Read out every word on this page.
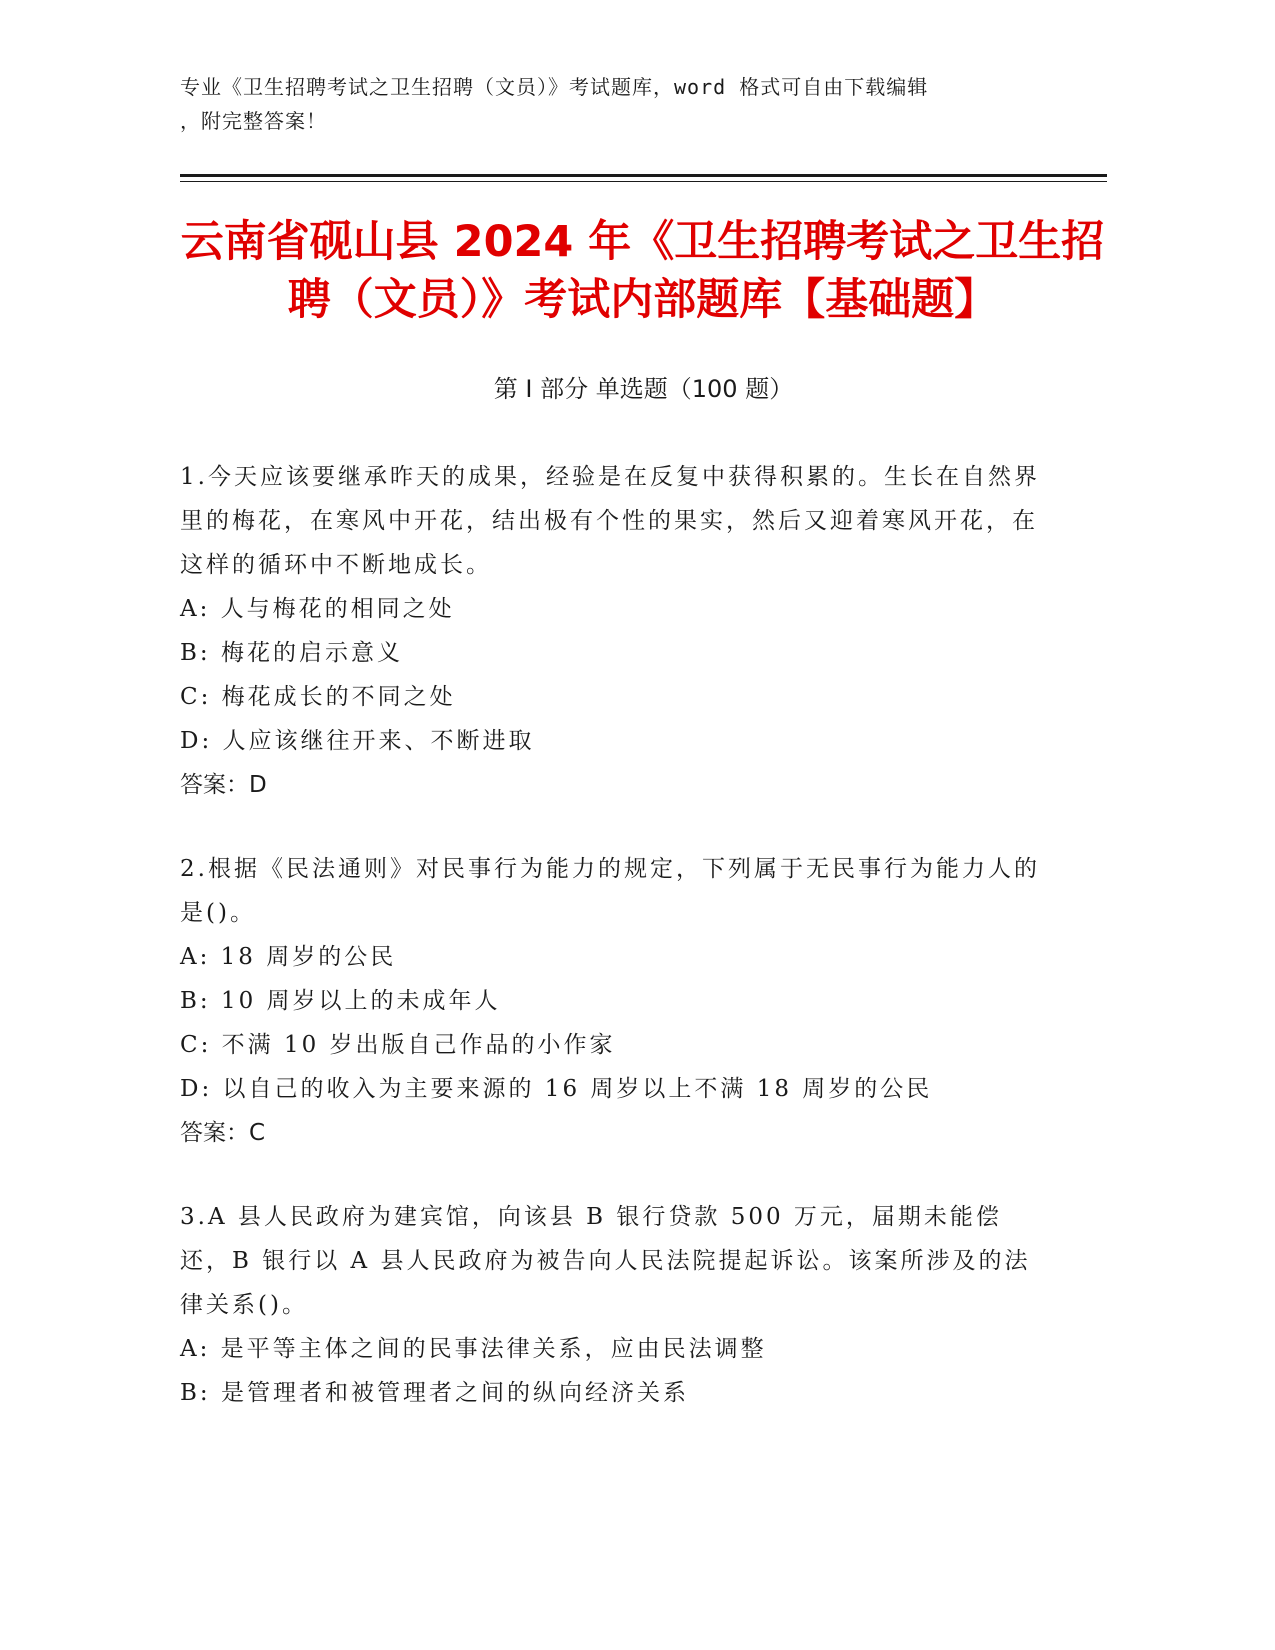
专业《卫生招聘考试之卫生招聘（文员）》考试题库，word 格式可自由下载编辑
，附完整答案！
云南省砚山县 2024 年《卫生招聘考试之卫生招聘（文员）》考试内部题库【基础题】
第 I 部分 单选题（100 题）
1.今天应该要继承昨天的成果，经验是在反复中获得积累的。生长在自然界里的梅花，在寒风中开花，结出极有个性的果实，然后又迎着寒风开花，在这样的循环中不断地成长。
A: 人与梅花的相同之处
B: 梅花的启示意义
C: 梅花成长的不同之处
D: 人应该继往开来、不断进取
答案：D
2.根据《民法通则》对民事行为能力的规定，下列属于无民事行为能力人的是()。
A: 18 周岁的公民
B: 10 周岁以上的未成年人
C: 不满 10 岁出版自己作品的小作家
D: 以自己的收入为主要来源的 16 周岁以上不满 18 周岁的公民
答案：C
3.A 县人民政府为建宾馆，向该县 B 银行贷款 500 万元，届期未能偿还，B 银行以 A 县人民政府为被告向人民法院提起诉讼。该案所涉及的法律关系()。
A: 是平等主体之间的民事法律关系，应由民法调整
B: 是管理者和被管理者之间的纵向经济关系
